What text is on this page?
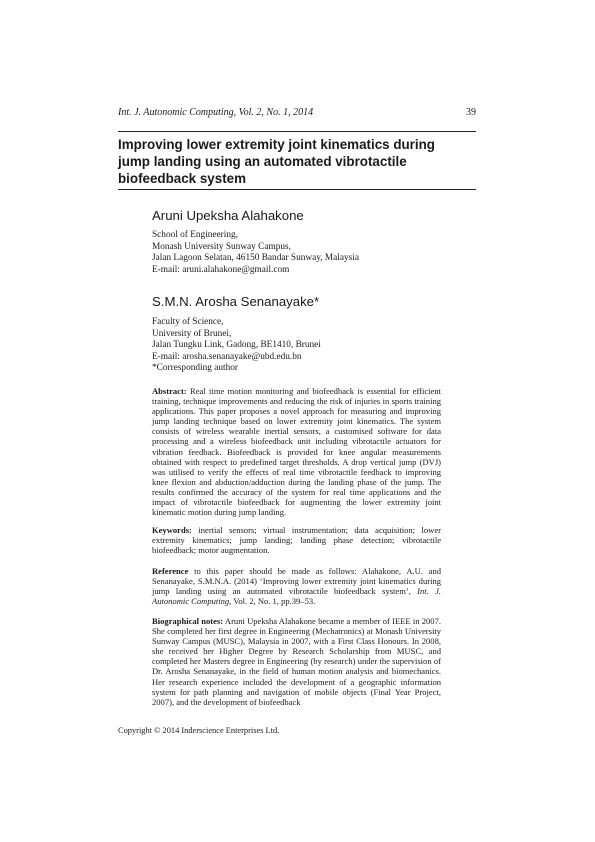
Int. J. Autonomic Computing, Vol. 2, No. 1, 2014	39
Improving lower extremity joint kinematics during jump landing using an automated vibrotactile biofeedback system
Aruni Upeksha Alahakone
School of Engineering,
Monash University Sunway Campus,
Jalan Lagoon Selatan, 46150 Bandar Sunway, Malaysia
E-mail: aruni.alahakone@gmail.com
S.M.N. Arosha Senanayake*
Faculty of Science,
University of Brunei,
Jalan Tungku Link, Gadong, BE1410, Brunei
E-mail: arosha.senanayake@ubd.edu.bn
*Corresponding author

Abstract: Real time motion monitoring and biofeedback is essential for efficient training, technique improvements and reducing the risk of injuries in sports training applications. This paper proposes a novel approach for measuring and improving jump landing technique based on lower extremity joint kinematics. The system consists of wireless wearable inertial sensors, a customised software for data processing and a wireless biofeedback unit including vibrotactile actuators for vibration feedback. Biofeedback is provided for knee angular measurements obtained with respect to predefined target thresholds. A drop vertical jump (DVJ) was utilised to verify the effects of real time vibrotactile feedback to improving knee flexion and abduction/adduction during the landing phase of the jump. The results confirmed the accuracy of the system for real time applications and the impact of vibrotactile biofeedback for augmenting the lower extremity joint kinematic motion during jump landing.

Keywords: inertial sensors; virtual instrumentation; data acquisition; lower extremity kinematics; jump landing; landing phase detection; vibrotactile biofeedback; motor augmentation.

Reference to this paper should be made as follows: Alahakone, A.U. and Senanayake, S.M.N.A. (2014) ‘Improving lower extremity joint kinematics during jump landing using an automated vibrotactile biofeedback system’, Int. J. Autonomic Computing, Vol. 2, No. 1, pp.39–53.

Biographical notes: Aruni Upeksha Alahakone became a member of IEEE in 2007. She completed her first degree in Engineering (Mechatronics) at Monash University Sunway Campus (MUSC), Malaysia in 2007, with a First Class Honours. In 2008, she received her Higher Degree by Research Scholarship from MUSC, and completed her Masters degree in Engineering (by research) under the supervision of Dr. Arosha Senanayake, in the field of human motion analysis and biomechanics. Her research experience included the development of a geographic information system for path planning and navigation of mobile objects (Final Year Project, 2007), and the development of biofeedback

Copyright © 2014 Inderscience Enterprises Ltd.
